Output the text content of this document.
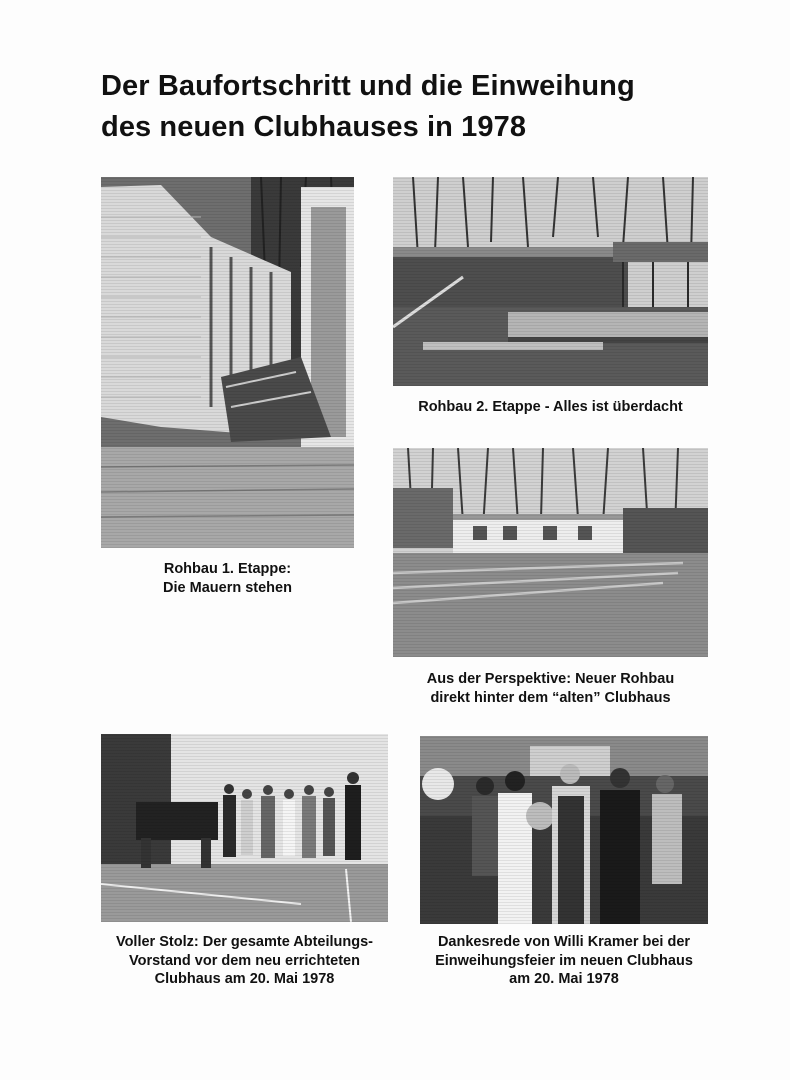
Der Baufortschritt und die Einweihung
des neuen Clubhauses in 1978
Rohbau 1. Etappe:
Die Mauern stehen
Rohbau 2. Etappe - Alles ist überdacht
Aus der Perspektive: Neuer Rohbau
direkt hinter dem “alten” Clubhaus
Voller Stolz: Der gesamte Abteilungs-
Vorstand vor dem neu errichteten
Clubhaus am 20. Mai 1978
Dankesrede von Willi Kramer bei der
Einweihungsfeier im neuen Clubhaus
am 20. Mai 1978
